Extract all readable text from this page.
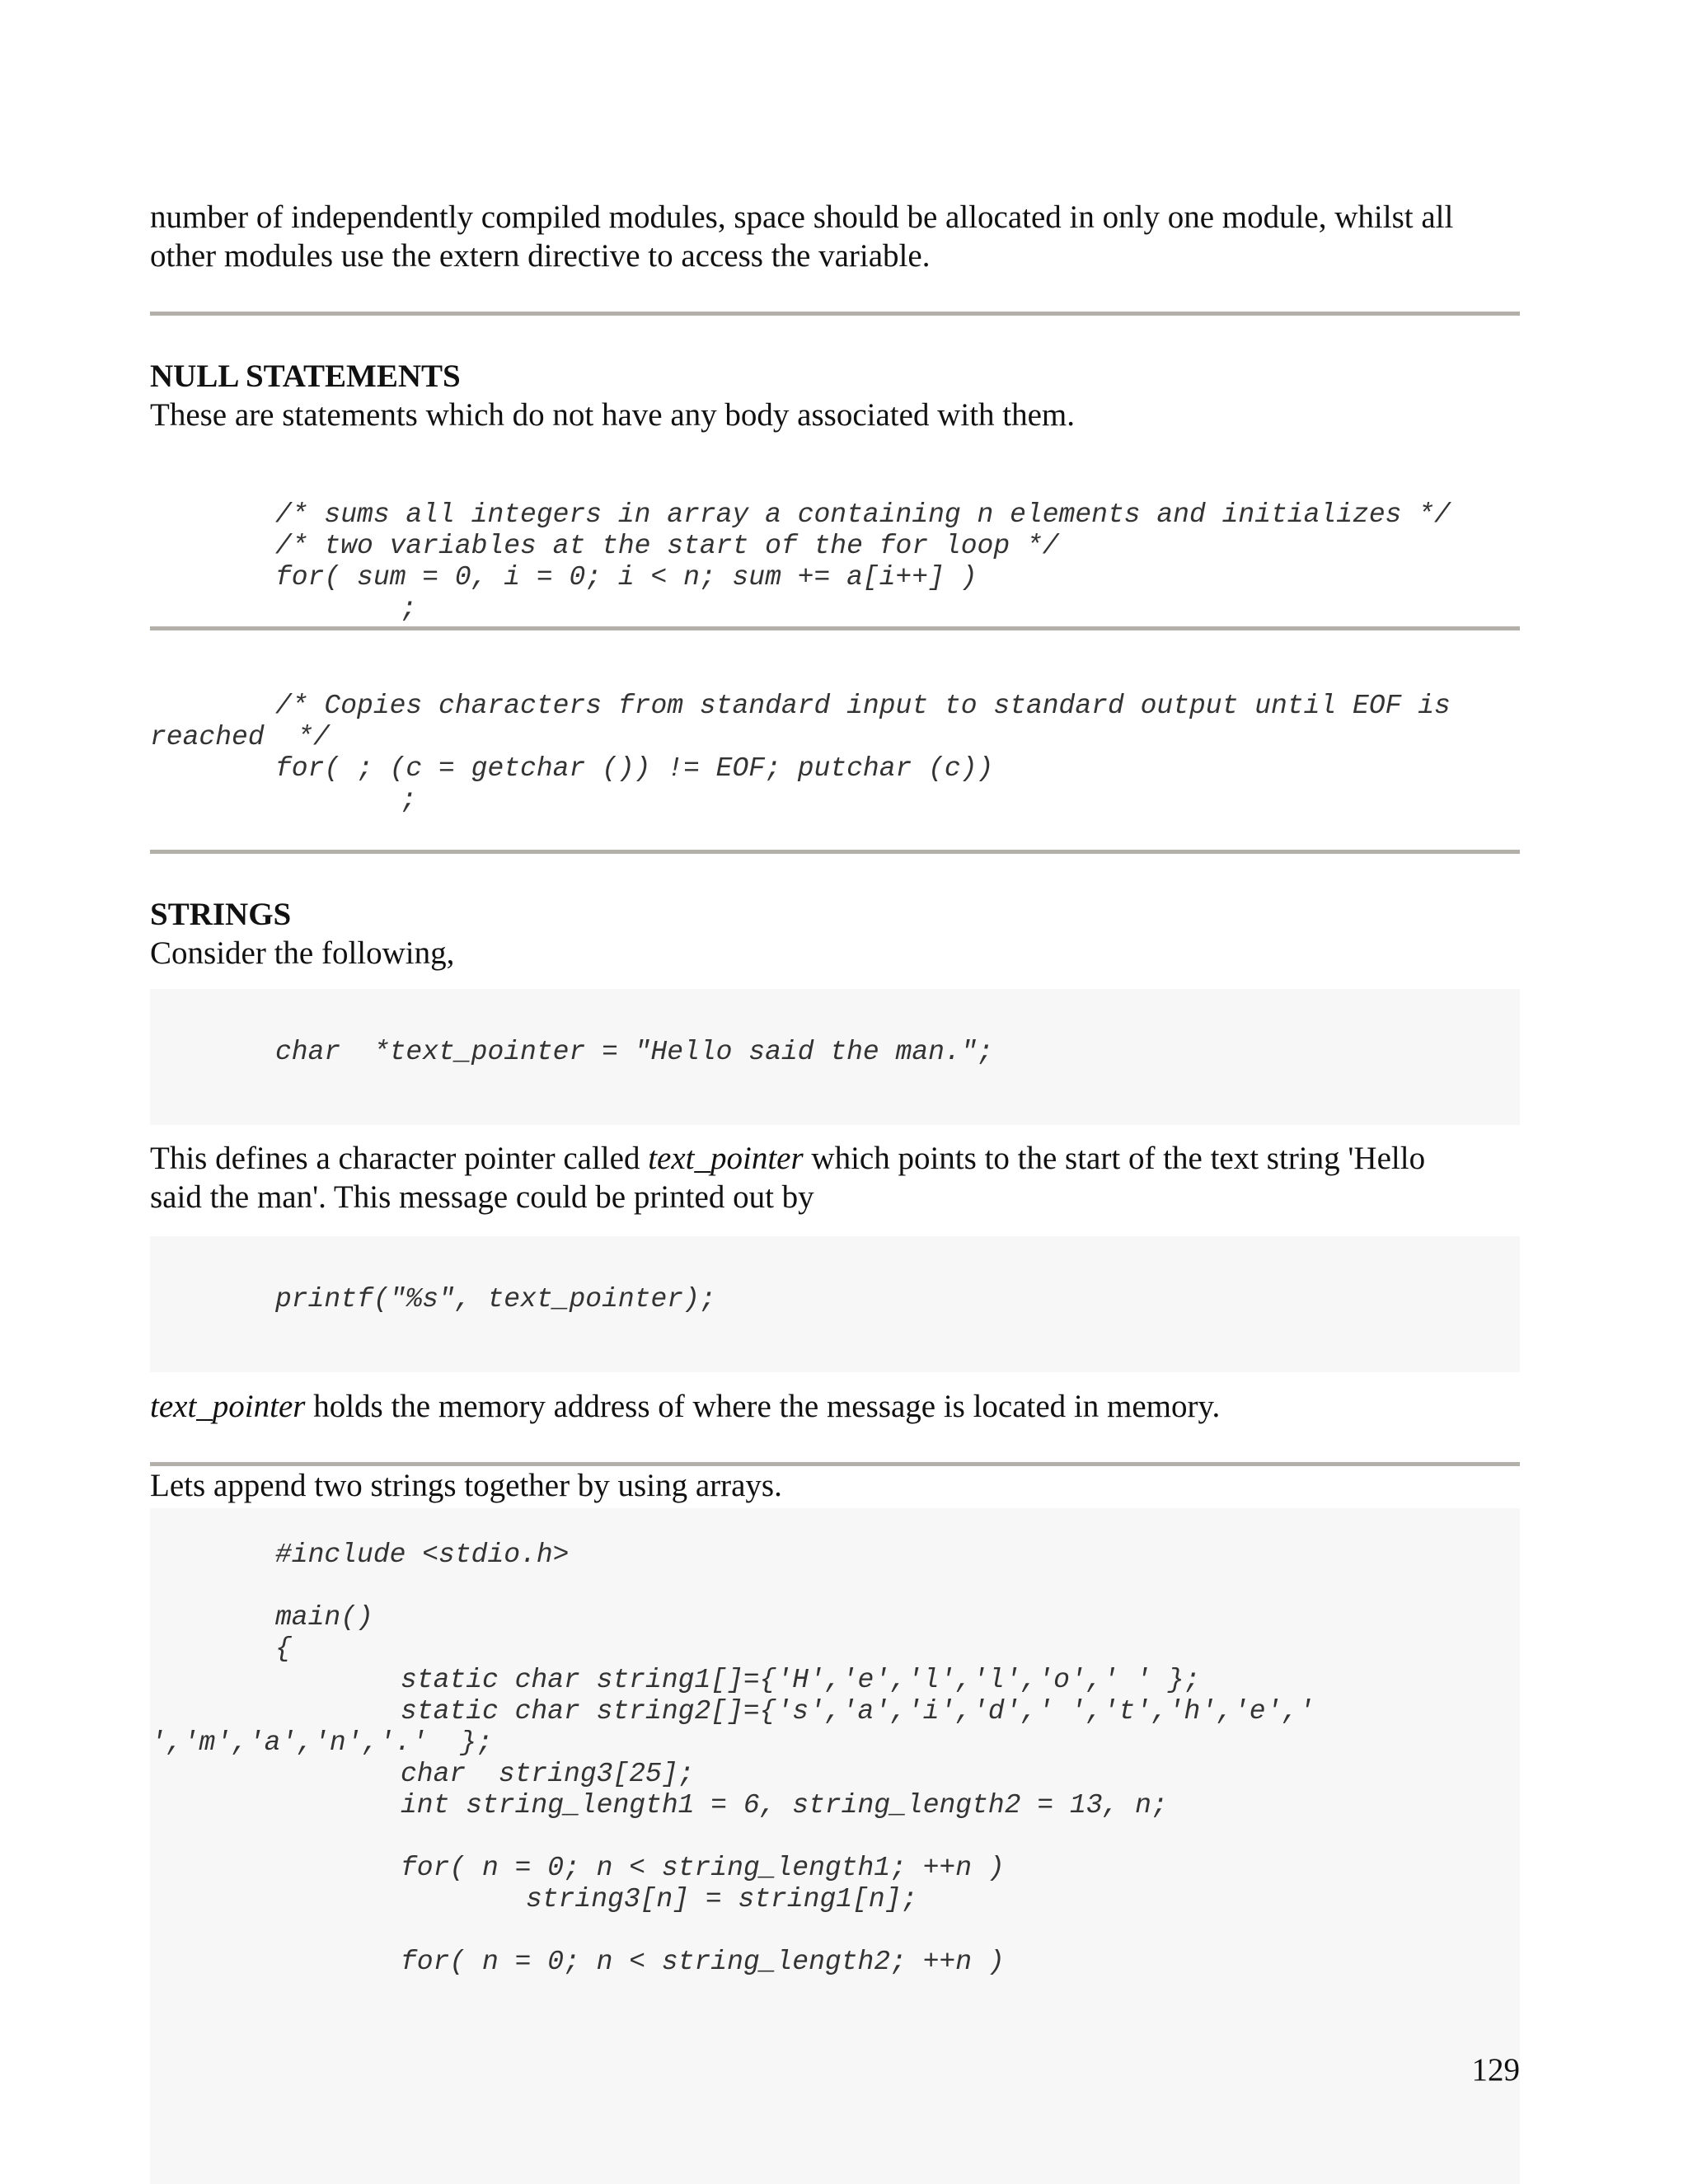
number of independently compiled modules, space should be allocated in only one module, whilst all
other modules use the extern directive to access the variable.
NULL STATEMENTS
These are statements which do not have any body associated with them.
/* sums all integers in array a containing n elements and initializes */
/* two variables at the start of the for loop */
for( sum = 0, i = 0; i < n; sum += a[i++] )
;
/* Copies characters from standard input to standard output until EOF is
reached  */
for( ; (c = getchar ()) != EOF; putchar (c))
;
STRINGS
Consider the following,
char  *text_pointer = "Hello said the man.";
This defines a character pointer called text_pointer which points to the start of the text string 'Hello
said the man'. This message could be printed out by
printf("%s", text_pointer);
text_pointer holds the memory address of where the message is located in memory.
Lets append two strings together by using arrays.
#include <stdio.h>
main()
{
static char string1[]={'H','e','l','l','o',' ' };
static char string2[]={'s','a','i','d',' ','t','h','e','
','m','a','n','.'  };
char  string3[25];
int string_length1 = 6, string_length2 = 13, n;
for( n = 0; n < string_length1; ++n )
string3[n] = string1[n];
for( n = 0; n < string_length2; ++n )
129
